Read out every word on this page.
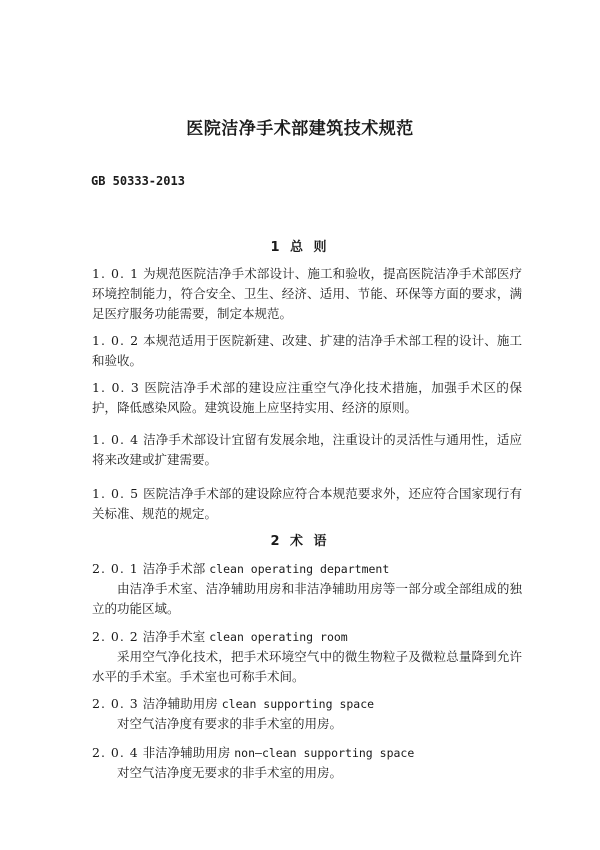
医院洁净手术部建筑技术规范
GB 50333-2013
1 总 则

1. 0. 1 为规范医院洁净手术部设计、施工和验收，提高医院洁净手术部医疗环境控制能力，符合安全、卫生、经济、适用、节能、环保等方面的要求，满足医疗服务功能需要，制定本规范。

1. 0. 2 本规范适用于医院新建、改建、扩建的洁净手术部工程的设计、施工和验收。

1. 0. 3 医院洁净手术部的建设应注重空气净化技术措施，加强手术区的保护，降低感染风险。建筑设施上应坚持实用、经济的原则。

1. 0. 4 洁净手术部设计宜留有发展余地，注重设计的灵活性与通用性，适应将来改建或扩建需要。

1. 0. 5 医院洁净手术部的建设除应符合本规范要求外，还应符合国家现行有关标准、规范的规定。

2 术 语
2. 0. 1 洁净手术部 clean operating department
由洁净手术室、洁净辅助用房和非洁净辅助用房等一部分或全部组成的独立的功能区域。
2. 0. 2 洁净手术室 clean operating room
采用空气净化技术，把手术环境空气中的微生物粒子及微粒总量降到允许水平的手术室。手术室也可称手术间。
2. 0. 3 洁净辅助用房 clean supporting space
对空气洁净度有要求的非手术室的用房。
2. 0. 4 非洁净辅助用房 non—clean supporting space
对空气洁净度无要求的非手术室的用房。
